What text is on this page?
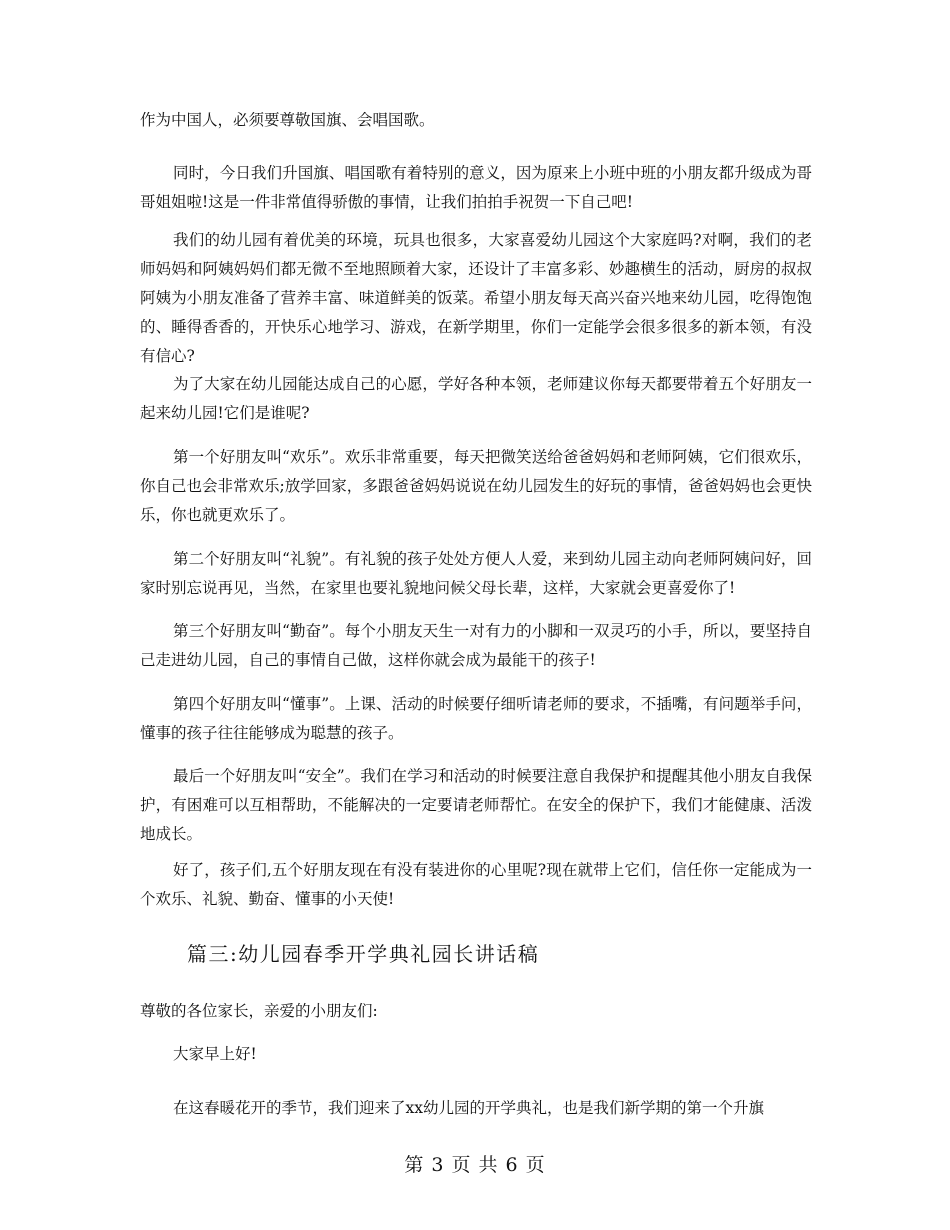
作为中国人，必须要尊敬国旗、会唱国歌。

同时，今日我们升国旗、唱国歌有着特别的意义，因为原来上小班中班的小朋友都升级成为哥哥姐姐啦!这是一件非常值得骄傲的事情，让我们拍拍手祝贺一下自己吧!

我们的幼儿园有着优美的环境，玩具也很多，大家喜爱幼儿园这个大家庭吗?对啊，我们的老师妈妈和阿姨妈妈们都无微不至地照顾着大家，还设计了丰富多彩、妙趣横生的活动，厨房的叔叔阿姨为小朋友准备了营养丰富、味道鲜美的饭菜。希望小朋友每天高兴奋兴地来幼儿园，吃得饱饱的、睡得香香的，开快乐心地学习、游戏，在新学期里，你们一定能学会很多很多的新本领，有没有信心?

为了大家在幼儿园能达成自己的心愿，学好各种本领，老师建议你每天都要带着五个好朋友一起来幼儿园!它们是谁呢?

第一个好朋友叫“欢乐”。欢乐非常重要，每天把微笑送给爸爸妈妈和老师阿姨，它们很欢乐，你自己也会非常欢乐;放学回家，多跟爸爸妈妈说说在幼儿园发生的好玩的事情，爸爸妈妈也会更快乐，你也就更欢乐了。

第二个好朋友叫“礼貌”。有礼貌的孩子处处方便人人爱，来到幼儿园主动向老师阿姨问好，回家时别忘说再见，当然，在家里也要礼貌地问候父母长辈，这样，大家就会更喜爱你了!

第三个好朋友叫“勤奋”。每个小朋友天生一对有力的小脚和一双灵巧的小手，所以，要坚持自己走进幼儿园，自己的事情自己做，这样你就会成为最能干的孩子!

第四个好朋友叫“懂事”。上课、活动的时候要仔细听请老师的要求，不插嘴，有问题举手问，懂事的孩子往往能够成为聪慧的孩子。

最后一个好朋友叫“安全”。我们在学习和活动的时候要注意自我保护和提醒其他小朋友自我保护，有困难可以互相帮助，不能解决的一定要请老师帮忙。在安全的保护下，我们才能健康、活泼地成长。

好了，孩子们,五个好朋友现在有没有装进你的心里呢?现在就带上它们，信任你一定能成为一个欢乐、礼貌、勤奋、懂事的小天使!

篇三:幼儿园春季开学典礼园长讲话稿

尊敬的各位家长，亲爱的小朋友们:

大家早上好!

在这春暖花开的季节，我们迎来了xx幼儿园的开学典礼，也是我们新学期的第一个升旗

第 3 页 共 6 页
